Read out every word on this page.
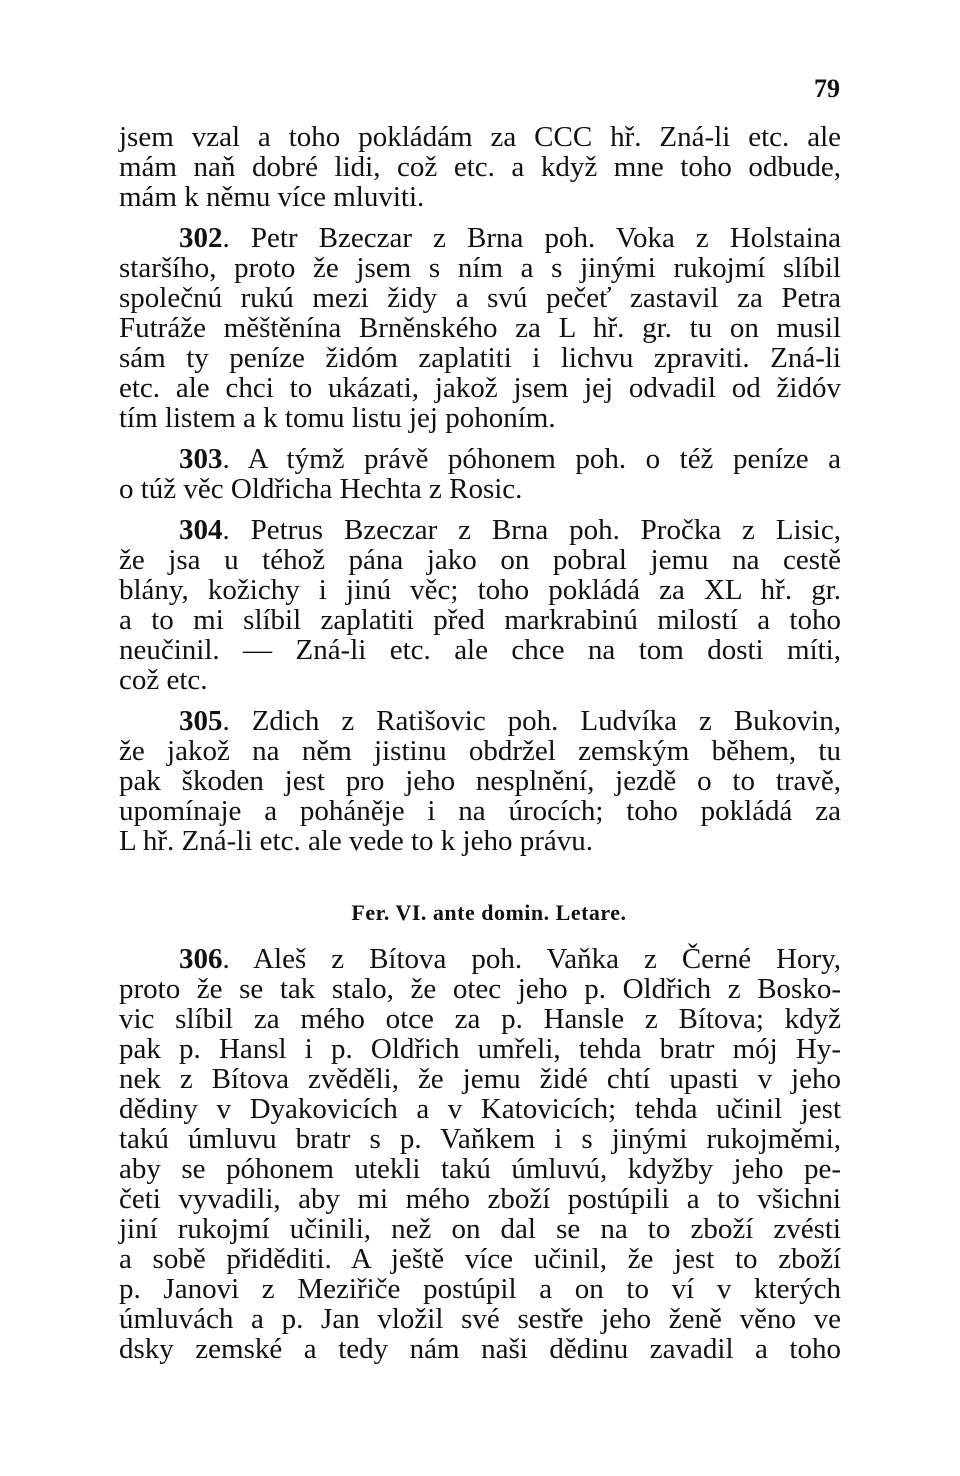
79
jsem vzal a toho pokládám za CCC hř. Zná-li etc. ale
mám naň dobré lidi, což etc. a když mne toho odbude,
mám k němu více mluviti.
302. Petr Bzeczar z Brna poh. Voka z Holstaina
staršího, proto že jsem s ním a s jinými rukojmí slíbil
společnú rukú mezi židy a svú pečeť zastavil za Petra
Futráže měštěnína Brněnského za L hř. gr. tu on musil
sám ty peníze židóm zaplatiti i lichvu zpraviti. Zná-li
etc. ale chci to ukázati, jakož jsem jej odvadil od židóv
tím listem a k tomu listu jej pohoním.
303. A týmž právě póhonem poh. o též peníze a
o túž věc Oldřicha Hechta z Rosic.
304. Petrus Bzeczar z Brna poh. Pročka z Lisic,
že jsa u téhož pána jako on pobral jemu na cestě
blány, kožichy i jinú věc; toho pokládá za XL hř. gr.
a to mi slíbil zaplatiti před markrabinú milostí a toho
neučinil. — Zná-li etc. ale chce na tom dosti míti,
což etc.
305. Zdich z Ratišovic poh. Ludvíka z Bukovin,
že jakož na něm jistinu obdržel zemským během, tu
pak škoden jest pro jeho nesplnění, jezdě o to travě,
upomínaje a poháněje i na úrocích; toho pokládá za
L hř. Zná-li etc. ale vede to k jeho právu.
Fer. VI. ante domin. Letare.
306. Aleš z Bítova poh. Vaňka z Černé Hory,
proto že se tak stalo, že otec jeho p. Oldřich z Bosko-
vic slíbil za mého otce za p. Hansle z Bítova; když
pak p. Hansl i p. Oldřich umřeli, tehda bratr mój Hy-
nek z Bítova zvěděli, že jemu židé chtí upasti v jeho
dědiny v Dyakovicích a v Katovicích; tehda učinil jest
takú úmluvu bratr s p. Vaňkem i s jinými rukojměmi,
aby se póhonem utekli takú úmluvú, kdyžby jeho pe-
četi vyvadili, aby mi mého zboží postúpili a to všichni
jiní rukojmí učinili, než on dal se na to zboží zvésti
a sobě přiděditi. A ještě více učinil, že jest to zboží
p. Janovi z Meziřiče postúpil a on to ví v kterých
úmluvách a p. Jan vložil své sestře jeho ženě věno ve
dsky zemské a tedy nám naši dědinu zavadil a toho
